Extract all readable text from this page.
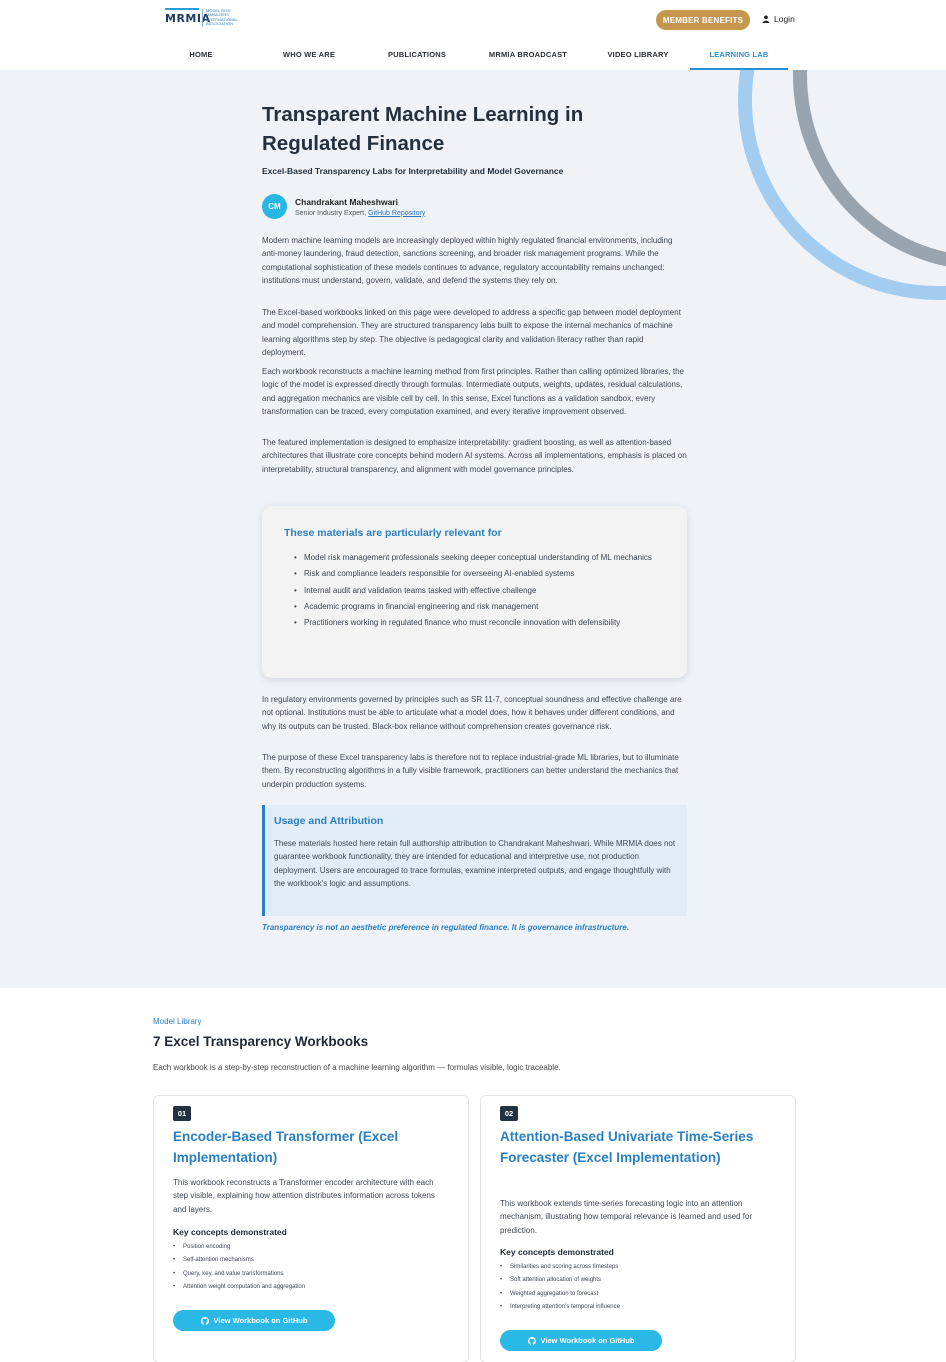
MRMIA
MODEL RISK MANAGERS' INTERNATIONAL ASSOCIATION	MEMBER BENEFITS	Login
HOME	WHO WE ARE	PUBLICATIONS	MRMIA BROADCAST	VIDEO LIBRARY	LEARNING LAB
Transparent Machine Learning in Regulated Finance
Excel-Based Transparency Labs for Interpretability and Model Governance
CM	Chandrakant Maheshwari
Senior Industry Expert, GitHub Repository
Modern machine learning models are increasingly deployed within highly regulated financial environments, including anti-money laundering, fraud detection, sanctions screening, and broader risk management programs. While the computational sophistication of these models continues to advance, regulatory accountability remains unchanged: institutions must understand, govern, validate, and defend the systems they rely on.
The Excel-based workbooks linked on this page were developed to address a specific gap between model deployment and model comprehension. They are structured transparency labs built to expose the internal mechanics of machine learning algorithms step by step. The objective is pedagogical clarity and validation literacy rather than rapid deployment.
Each workbook reconstructs a machine learning method from first principles. Rather than calling optimized libraries, the logic of the model is expressed directly through formulas. Intermediate outputs, weights, updates, residual calculations, and aggregation mechanics are visible cell by cell. In this sense, Excel functions as a validation sandbox, every transformation can be traced, every computation examined, and every iterative improvement observed.
The featured implementation is designed to emphasize interpretability: gradient boosting, as well as attention-based architectures that illustrate core concepts behind modern AI systems. Across all implementations, emphasis is placed on interpretability, structural transparency, and alignment with model governance principles.
These materials are particularly relevant for
• Model risk management professionals seeking deeper conceptual understanding of ML mechanics
• Risk and compliance leaders responsible for overseeing AI-enabled systems
• Internal audit and validation teams tasked with effective challenge
• Academic programs in financial engineering and risk management
• Practitioners working in regulated finance who must reconcile innovation with defensibility
In regulatory environments governed by principles such as SR 11-7, conceptual soundness and effective challenge are not optional. Institutions must be able to articulate what a model does, how it behaves under different conditions, and why its outputs can be trusted. Black-box reliance without comprehension creates governance risk.
The purpose of these Excel transparency labs is therefore not to replace industrial-grade ML libraries, but to illuminate them. By reconstructing algorithms in a fully visible framework, practitioners can better understand the mechanics that underpin production systems.
Usage and Attribution
These materials hosted here retain full authorship attribution to Chandrakant Maheshwari. While MRMIA does not guarantee workbook functionality, they are intended for educational and interpretive use, not production deployment. Users are encouraged to trace formulas, examine interpreted outputs, and engage thoughtfully with the workbook’s logic and assumptions.
Transparency is not an aesthetic preference in regulated finance. It is governance infrastructure.
Model Library
7 Excel Transparency Workbooks
Each workbook is a step-by-step reconstruction of a machine learning algorithm — formulas visible, logic traceable.
01
Encoder-Based Transformer (Excel Implementation)
This workbook reconstructs a Transformer encoder architecture with each step visible, explaining how attention distributes information across tokens and layers.
Key concepts demonstrated
• Position encoding
• Self-attention mechanisms
• Query, key, and value transformations
• Attention weight computation and aggregation
View Workbook on GitHub
02
Attention-Based Univariate Time-Series Forecaster (Excel Implementation)
This workbook extends time-series forecasting logic into an attention mechanism, illustrating how temporal relevance is learned and used for prediction.
Key concepts demonstrated
• Similarities and scoring across timesteps
• Soft attention allocation of weights
• Weighted aggregation to forecast
• Interpreting attention’s temporal influence
View Workbook on GitHub
